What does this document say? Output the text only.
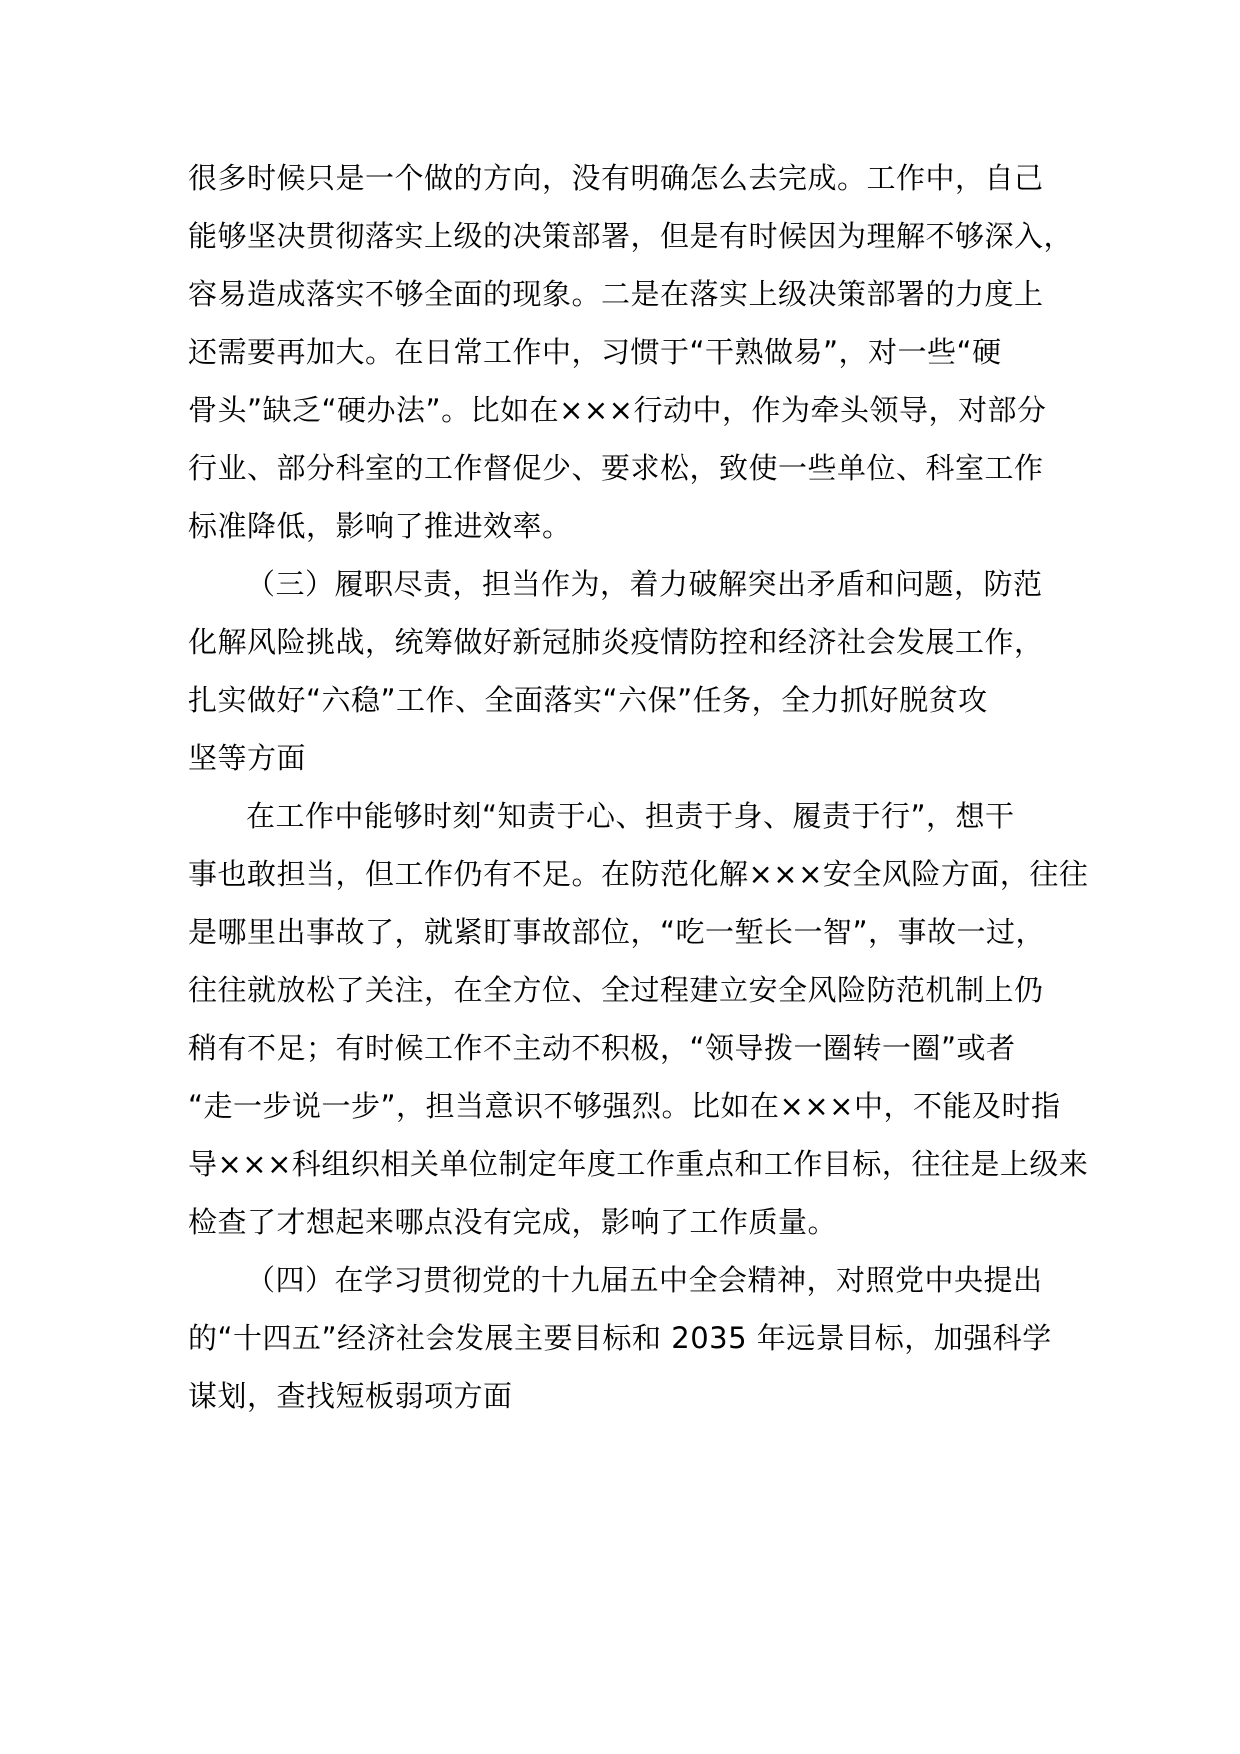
很多时候只是一个做的方向，没有明确怎么去完成。工作中，自己
能够坚决贯彻落实上级的决策部署，但是有时候因为理解不够深入，
容易造成落实不够全面的现象。二是在落实上级决策部署的力度上
还需要再加大。在日常工作中，习惯于“干熟做易”，对一些“硬
骨头”缺乏“硬办法”。比如在×××行动中，作为牵头领导，对部分
行业、部分科室的工作督促少、要求松，致使一些单位、科室工作
标准降低，影响了推进效率。
（三）履职尽责，担当作为，着力破解突出矛盾和问题，防范
化解风险挑战，统筹做好新冠肺炎疫情防控和经济社会发展工作，
扎实做好“六稳”工作、全面落实“六保”任务，全力抓好脱贫攻
坚等方面
在工作中能够时刻“知责于心、担责于身、履责于行”，想干
事也敢担当，但工作仍有不足。在防范化解×××安全风险方面，往往
是哪里出事故了，就紧盯事故部位，“吃一堑长一智”，事故一过，
往往就放松了关注，在全方位、全过程建立安全风险防范机制上仍
稍有不足；有时候工作不主动不积极，“领导拨一圈转一圈”或者
“走一步说一步”，担当意识不够强烈。比如在×××中，不能及时指
导×××科组织相关单位制定年度工作重点和工作目标，往往是上级来
检查了才想起来哪点没有完成，影响了工作质量。
（四）在学习贯彻党的十九届五中全会精神，对照党中央提出
的“十四五”经济社会发展主要目标和 2035 年远景目标，加强科学
谋划，查找短板弱项方面
